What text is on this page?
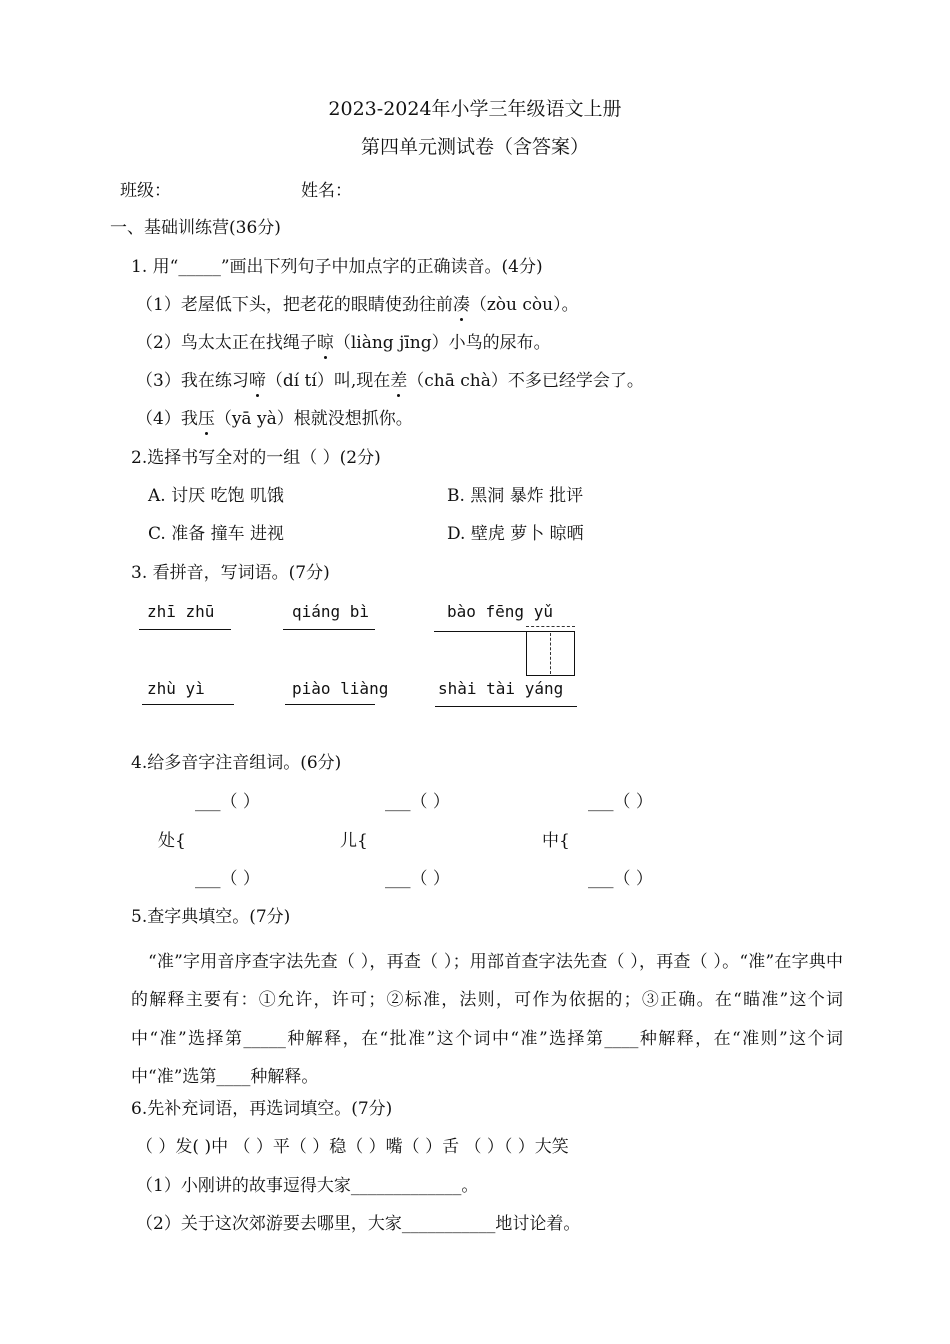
2023-2024年小学三年级语文上册
第四单元测试卷（含答案）
班级：	姓名：
一、基础训练营(36分)
1. 用“_____”画出下列句子中加点字的正确读音。(4分)
（1）老屋低下头，把老花的眼睛使劲往前凑（zòu còu）。
（2）鸟太太正在找绳子晾（liàng jīng）小鸟的尿布。
（3）我在练习啼（dí tí）叫,现在差（chā chà）不多已经学会了。
（4）我压（yā yà）根就没想抓你。
2.选择书写全对的一组（ ）(2分)
A. 讨厌 吃饱 叽饿	B. 黑洞 暴炸 批评
C. 准备 撞车 进视	D. 壁虎 萝卜 晾晒
3. 看拼音，写词语。(7分)
zhī zhū	qiáng bì	bào fēng yǔ
zhù yì	piào liàng	shài tài yáng
4.给多音字注音组词。(6分)
___（ ）	___（ ）	___（ ）
处{	儿{	中{
___（ ）	___（ ）	___（ ）
5.查字典填空。(7分)
“准”字用音序查字法先查（ ），再查（ ）；用部首查字法先查（ ），再查（ ）。“准”在字典中的解释主要有：①允许，许可；②标准，法则，可作为依据的；③正确。在“瞄准”这个词中“准”选择第_____种解释，在“批准”这个词中“准”选择第____种解释，在“准则”这个词中“准”选第____种解释。
6.先补充词语，再选词填空。(7分)
（ ）发( )中 （ ）平（ ）稳（ ）嘴（ ）舌 （ ）（ ）大笑
（1）小刚讲的故事逗得大家_____________。
（2）关于这次郊游要去哪里，大家___________地讨论着。
